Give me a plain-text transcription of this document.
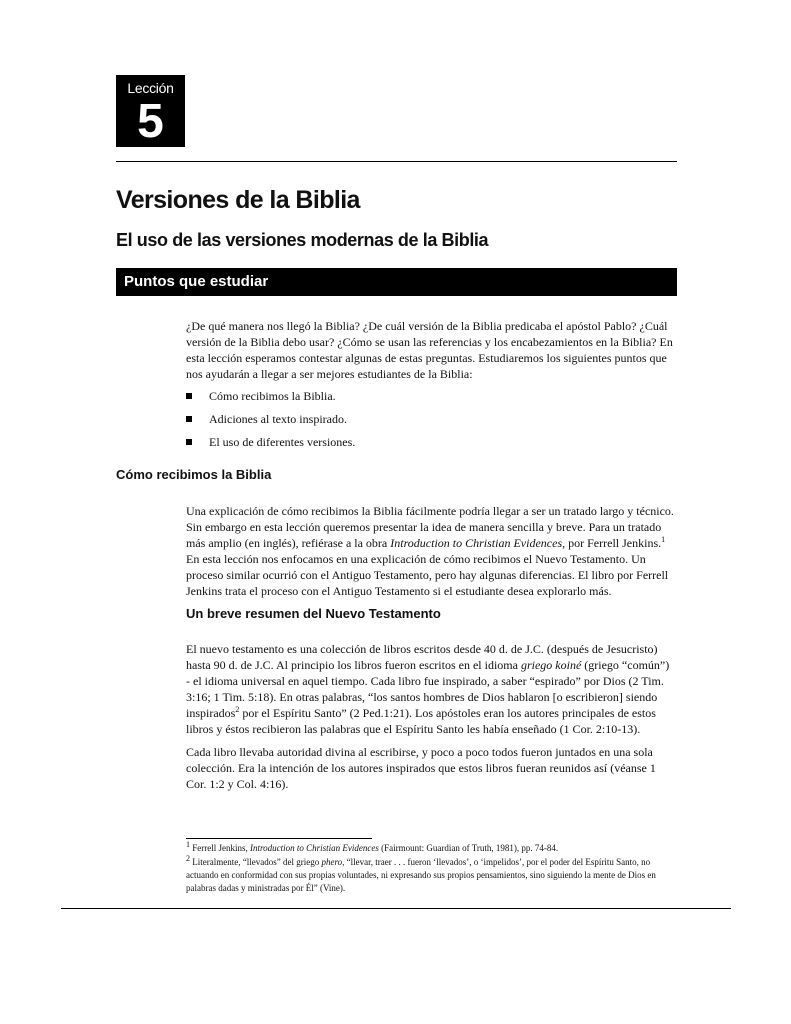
Lección
5
Versiones de la Biblia
El uso de las versiones modernas de la Biblia
Puntos que estudiar

¿De qué manera nos llegó la Biblia? ¿De cuál versión de la Biblia predicaba el apóstol Pablo? ¿Cuál versión de la Biblia debo usar? ¿Cómo se usan las referencias y los encabezamientos en la Biblia? En esta lección esperamos contestar algunas de estas preguntas. Estudiaremos los siguientes puntos que nos ayudarán a llegar a ser mejores estudiantes de la Biblia:

Cómo recibimos la Biblia.
Adiciones al texto inspirado.
El uso de diferentes versiones.
Cómo recibimos la Biblia

Una explicación de cómo recibimos la Biblia fácilmente podría llegar a ser un tratado largo y técnico. Sin embargo en esta lección queremos presentar la idea de manera sencilla y breve. Para un tratado más amplio (en inglés), refiérase a la obra Introduction to Christian Evidences, por Ferrell Jenkins.$^1$ En esta lección nos enfocamos en una explicación de cómo recibimos el Nuevo Testamento. Un proceso similar ocurrió con el Antiguo Testamento, pero hay algunas diferencias. El libro por Ferrell Jenkins trata el proceso con el Antiguo Testamento si el estudiante desea explorarlo más.

Un breve resumen del Nuevo Testamento

El nuevo testamento es una colección de libros escritos desde 40 d. de J.C. (después de Jesucristo) hasta 90 d. de J.C. Al principio los libros fueron escritos en el idioma griego koiné (griego “común”) - el idioma universal en aquel tiempo. Cada libro fue inspirado, a saber “espirado” por Dios (2 Tim. 3:16; 1 Tim. 5:18). En otras palabras, “los santos hombres de Dios hablaron [o escribieron] siendo inspirados$^2$ por el Espíritu Santo” (2 Ped.1:21). Los apóstoles eran los autores principales de estos libros y éstos recibieron las palabras que el Espíritu Santo les había enseñado (1 Cor. 2:10-13).

Cada libro llevaba autoridad divina al escribirse, y poco a poco todos fueron juntados en una sola colección. Era la intención de los autores inspirados que estos libros fueran reunidos así (véanse 1 Cor. 1:2 y Col. 4:16).

$^1$ Ferrell Jenkins, Introduction to Christian Evidences (Fairmount: Guardian of Truth, 1981), pp. 74-84.

$^2$ Literalmente, “llevados” del griego phero, “llevar, traer . . . fueron ‘llevados’, o ‘impelidos’, por el poder del Espíritu Santo, no actuando en conformidad con sus propias voluntades, ni expresando sus propios pensamientos, sino siguiendo la mente de Dios en palabras dadas y ministradas por Él” (Vine).
